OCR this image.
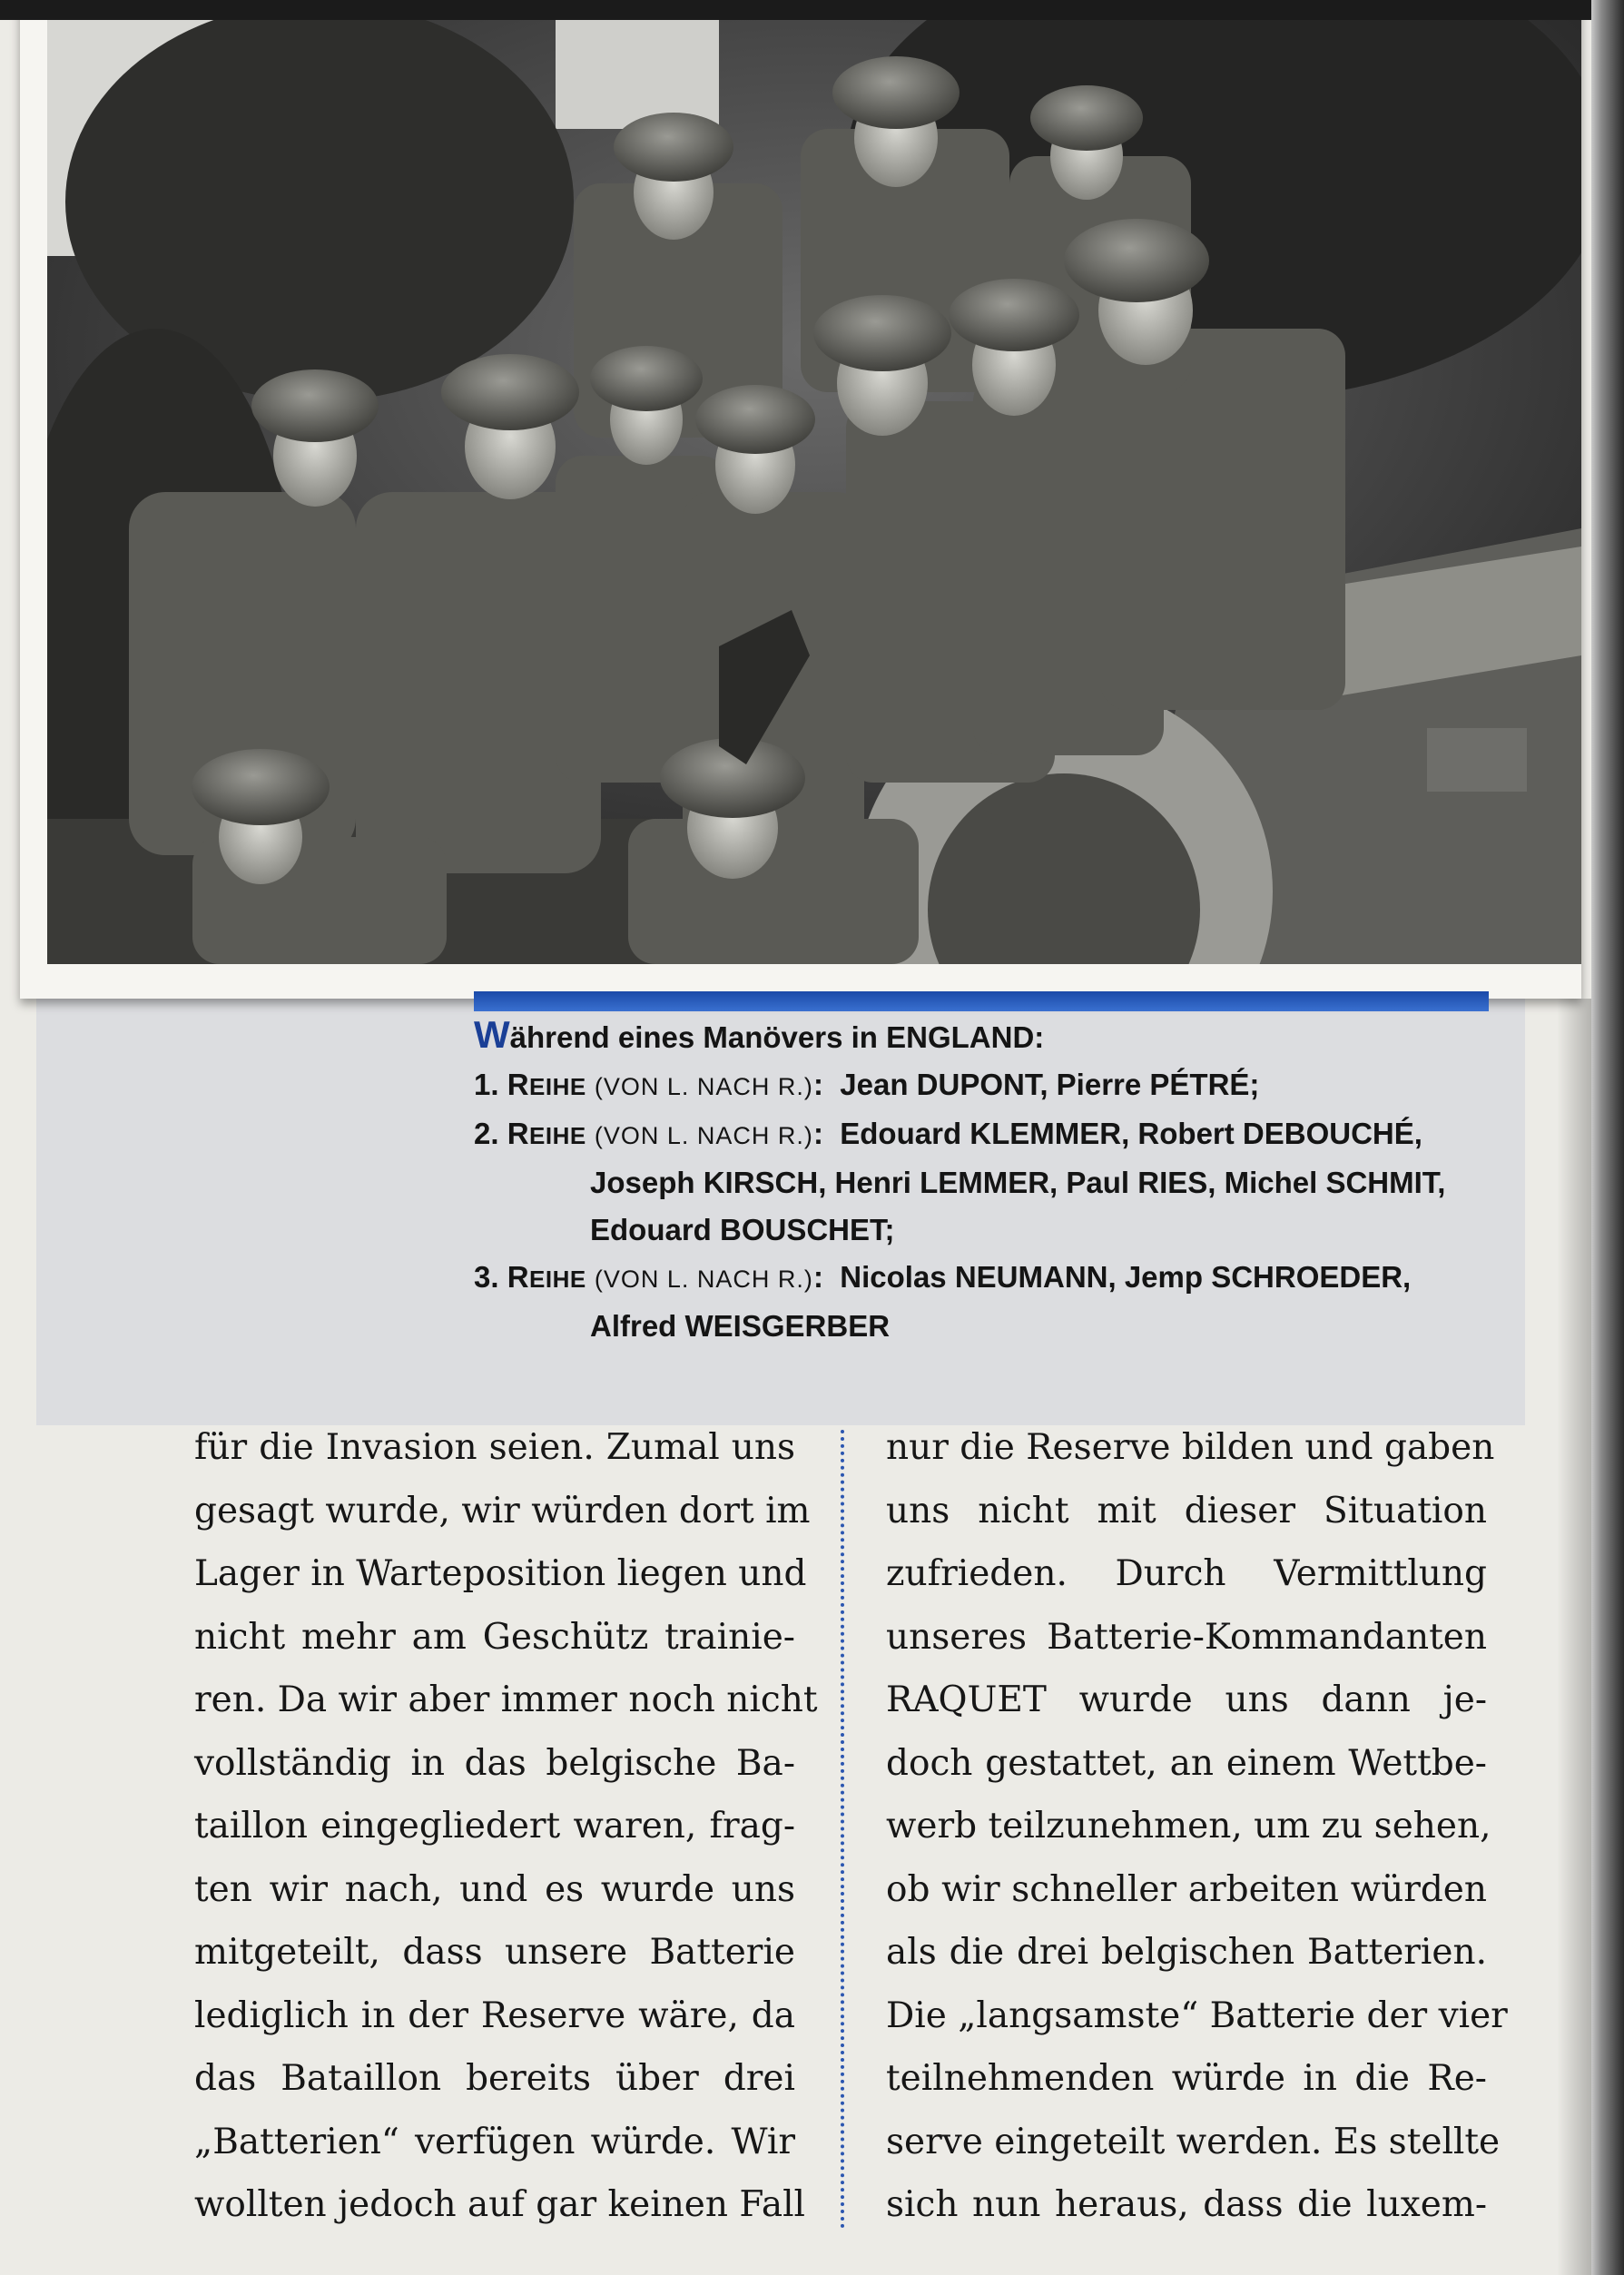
Während eines Manövers in ENGLAND:
1. REIHE (VON L. NACH R.):  Jean DUPONT, Pierre PÉTRÉ;
2. REIHE (VON L. NACH R.):  Edouard KLEMMER, Robert DEBOUCHÉ,
Joseph KIRSCH, Henri LEMMER, Paul RIES, Michel SCHMIT,
Edouard BOUSCHET;
3. REIHE (VON L. NACH R.):  Nicolas NEUMANN, Jemp SCHROEDER,
Alfred WEISGERBER
für die Invasion seien. Zumal uns
gesagt wurde, wir würden dort im
Lager in Warteposition liegen und
nicht mehr am Geschütz trainie-
ren. Da wir aber immer noch nicht
vollständig in das belgische Ba-
taillon eingegliedert waren, frag-
ten wir nach, und es wurde uns
mitgeteilt, dass unsere Batterie
lediglich in der Reserve wäre, da
das Bataillon bereits über drei
„Batterien“ verfügen würde. Wir
wollten jedoch auf gar keinen Fall
nur die Reserve bilden und gaben
uns nicht mit dieser Situation
zufrieden. Durch Vermittlung
unseres Batterie-Kommandanten
RAQUET wurde uns dann je-
doch gestattet, an einem Wettbe-
werb teilzunehmen, um zu sehen,
ob wir schneller arbeiten würden
als die drei belgischen Batterien.
Die „langsamste“ Batterie der vier
teilnehmenden würde in die Re-
serve eingeteilt werden. Es stellte
sich nun heraus, dass die luxem-
